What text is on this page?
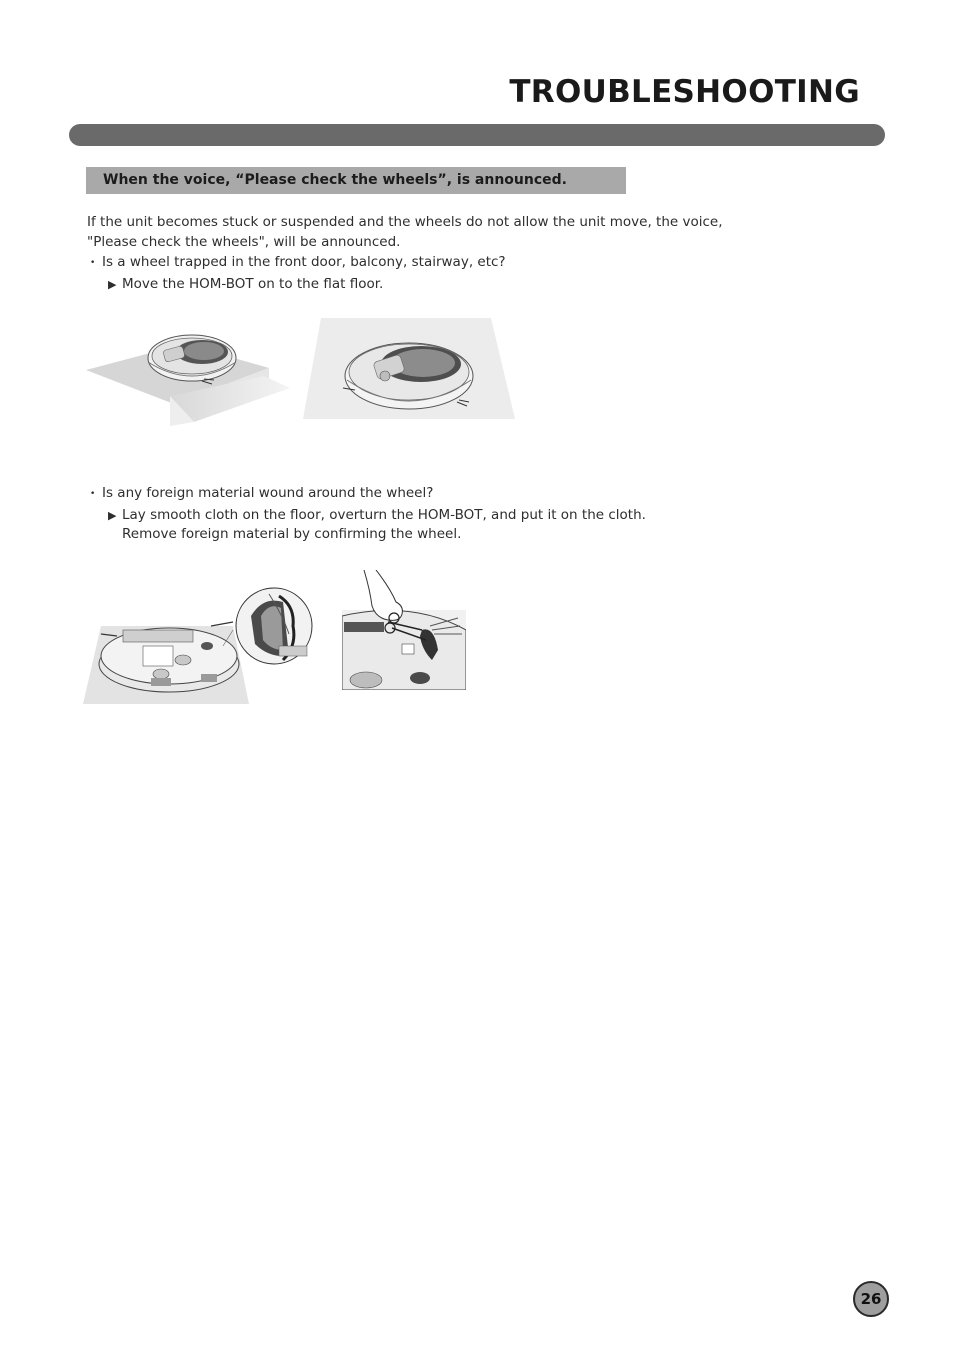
TROUBLESHOOTING
When the voice, “Please check the wheels”, is announced.
If the unit becomes stuck or suspended and the wheels do not allow the unit move, the voice,
"Please check the wheels", will be announced.
• Is a wheel trapped in the front door, balcony, stairway, etc?
▶ Move the HOM-BOT on to the flat floor.
• Is any foreign material wound around the wheel?
▶ Lay smooth cloth on the floor, overturn the HOM-BOT, and put it on the cloth.
Remove foreign material by confirming the wheel.
26
